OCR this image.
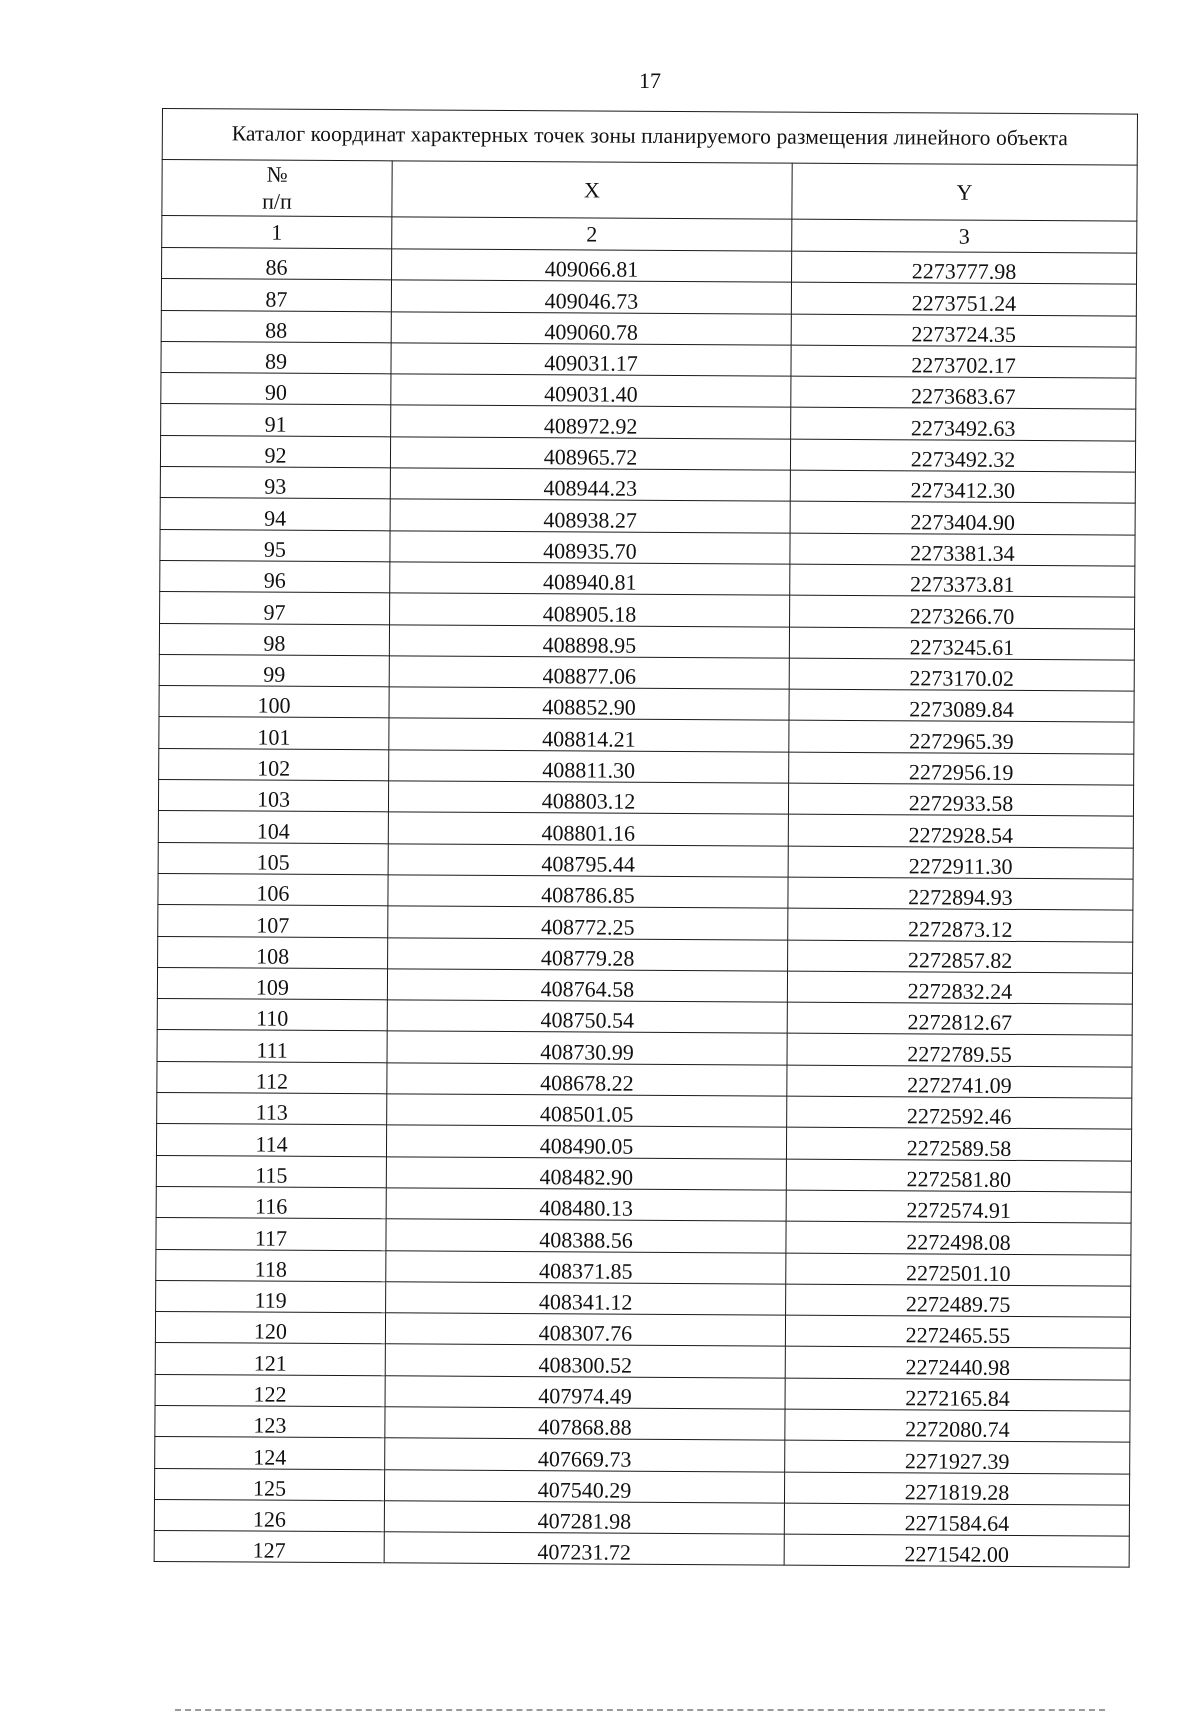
17
Каталог координат характерных точек зоны планируемого размещения линейного объекта		
№
п/п	X	Y
1	2	3
86	409066.81	2273777.98
87	409046.73	2273751.24
88	409060.78	2273724.35
89	409031.17	2273702.17
90	409031.40	2273683.67
91	408972.92	2273492.63
92	408965.72	2273492.32
93	408944.23	2273412.30
94	408938.27	2273404.90
95	408935.70	2273381.34
96	408940.81	2273373.81
97	408905.18	2273266.70
98	408898.95	2273245.61
99	408877.06	2273170.02
100	408852.90	2273089.84
101	408814.21	2272965.39
102	408811.30	2272956.19
103	408803.12	2272933.58
104	408801.16	2272928.54
105	408795.44	2272911.30
106	408786.85	2272894.93
107	408772.25	2272873.12
108	408779.28	2272857.82
109	408764.58	2272832.24
110	408750.54	2272812.67
111	408730.99	2272789.55
112	408678.22	2272741.09
113	408501.05	2272592.46
114	408490.05	2272589.58
115	408482.90	2272581.80
116	408480.13	2272574.91
117	408388.56	2272498.08
118	408371.85	2272501.10
119	408341.12	2272489.75
120	408307.76	2272465.55
121	408300.52	2272440.98
122	407974.49	2272165.84
123	407868.88	2272080.74
124	407669.73	2271927.39
125	407540.29	2271819.28
126	407281.98	2271584.64
127	407231.72	2271542.00
